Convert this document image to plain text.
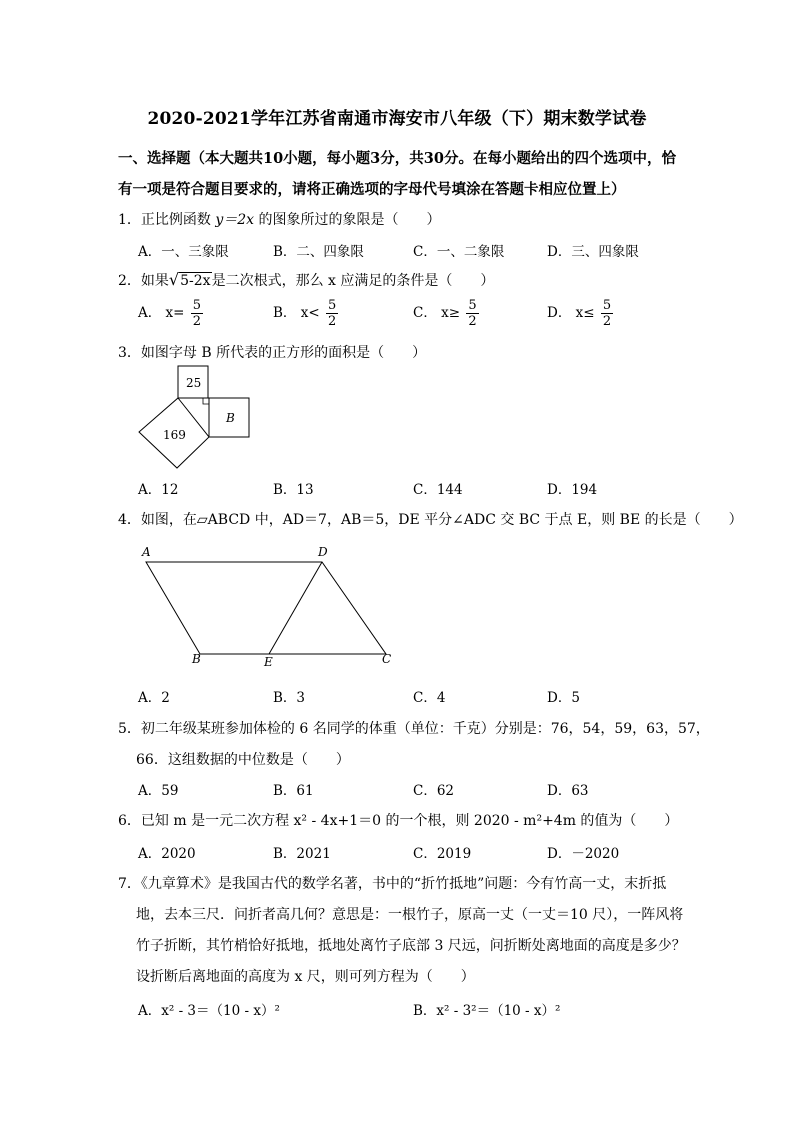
2020-2021学年江苏省南通市海安市八年级（下）期末数学试卷
一、选择题（本大题共10小题，每小题3分，共30分。在每小题给出的四个选项中，恰
有一项是符合题目要求的，请将正确选项的字母代号填涂在答题卡相应位置上）
1．正比例函数 y＝2x 的图象所过的象限是（　　）
A．一、三象限	B．二、四象限	C．一、二象限	D．三、四象限
2．如果√5-2x是二次根式，那么 x 应满足的条件是（　　）
A． $x= \frac{5}{2}$	B． $x< \frac{5}{2}$	C． $x\ge \frac{5}{2}$	D． $x\le \frac{5}{2}$
3．如图字母 B 所代表的正方形的面积是（　　）
25
169
B
A．12	B．13	C．144	D．194
4．如图，在▱ABCD 中，AD＝7，AB＝5，DE 平分∠ADC 交 BC 于点 E，则 BE 的长是（　　）
A	D
B	E	C
A．2	B．3	C．4	D．5
5．初二年级某班参加体检的 6 名同学的体重（单位：千克）分别是：76，54，59，63，57，
66．这组数据的中位数是（　　）
A．59	B．61	C．62	D．63
6．已知 m 是一元二次方程 x² - 4x+1＝0 的一个根，则 2020 - m²+4m 的值为（　　）
A．2020	B．2021	C．2019	D．－2020
7．《九章算术》是我国古代的数学名著，书中的“折竹抵地”问题：今有竹高一丈，末折抵
地，去本三尺．问折者高几何？意思是：一根竹子，原高一丈（一丈＝10 尺），一阵风将
竹子折断，其竹梢恰好抵地，抵地处离竹子底部 3 尺远，问折断处离地面的高度是多少？
设折断后离地面的高度为 x 尺，则可列方程为（　　）
A．x² - 3＝（10 - x）²	B．x² - 3²＝（10 - x）²
